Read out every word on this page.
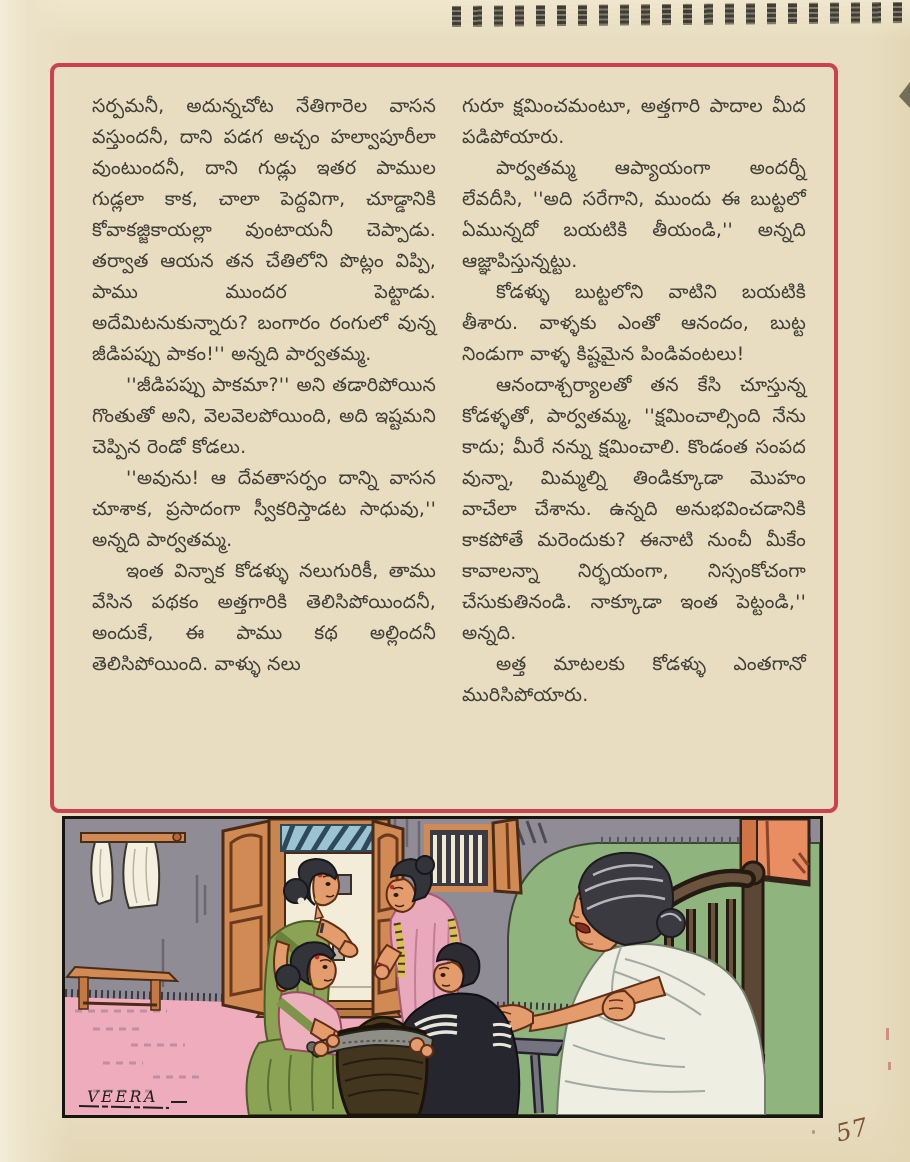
సర్పమనీ, అదున్నచోట నేతిగారెల వాసన వస్తుందనీ, దాని పడగ అచ్చం హల్వాపూరీలా వుంటుందనీ, దాని గుడ్లు ఇతర పాముల గుడ్లలా కాక, చాలా పెద్దవిగా, చూడ్డానికి కోవాకజ్జికాయల్లా వుంటాయనీ చెప్పాడు. తర్వాత ఆయన తన చేతిలోని పొట్లం విప్పి, పాము ముందర పెట్టాడు. అదేమిటనుకున్నారు? బంగారం రంగులో వున్న జీడిపప్పు పాకం!'' అన్నది పార్వతమ్మ.

''జీడిపప్పు పాకమా?'' అని తడారిపోయిన గొంతుతో అని, వెలవెలపోయింది, అది ఇష్టమని చెప్పిన రెండో కోడలు.

''అవును! ఆ దేవతాసర్పం దాన్ని వాసన చూశాక, ప్రసాదంగా స్వీకరిస్తాడట సాధువు,'' అన్నది పార్వతమ్మ.

ఇంత విన్నాక కోడళ్ళు నలుగురికీ, తాము వేసిన పథకం అత్తగారికి తెలిసిపోయిందనీ, అందుకే, ఈ పాము కథ అల్లిందనీ తెలిసిపోయింది. వాళ్ళు నలు

గురూ క్షమించమంటూ, అత్తగారి పాదాల మీద పడిపోయారు.

పార్వతమ్మ ఆప్యాయంగా అందర్నీ లేవదీసి, ''అది సరేగాని, ముందు ఈ బుట్టలో ఏమున్నదో బయటికి తీయండి,'' అన్నది ఆజ్ఞాపిస్తున్నట్టు.

కోడళ్ళు బుట్టలోని వాటిని బయటికి తీశారు. వాళ్ళకు ఎంతో ఆనందం, బుట్ట నిండుగా వాళ్ళ కిష్టమైన పిండివంటలు!

ఆనందాశ్చర్యాలతో తన కేసి చూస్తున్న కోడళ్ళతో, పార్వతమ్మ, ''క్షమించాల్సింది నేను కాదు; మీరే నన్ను క్షమించాలి. కొండంత సంపద వున్నా, మిమ్మల్ని తిండిక్కూడా మొహం వాచేలా చేశాను. ఉన్నది అనుభవించడానికి కాకపోతే మరెందుకు? ఈనాటి నుంచీ మీకేం కావాలన్నా నిర్భయంగా, నిస్సంకోచంగా చేసుకుతినండి. నాక్కూడా ఇంత పెట్టండి,'' అన్నది.

అత్త మాటలకు కోడళ్ళు ఎంతగానో మురిసిపోయారు.

VEERA
57
